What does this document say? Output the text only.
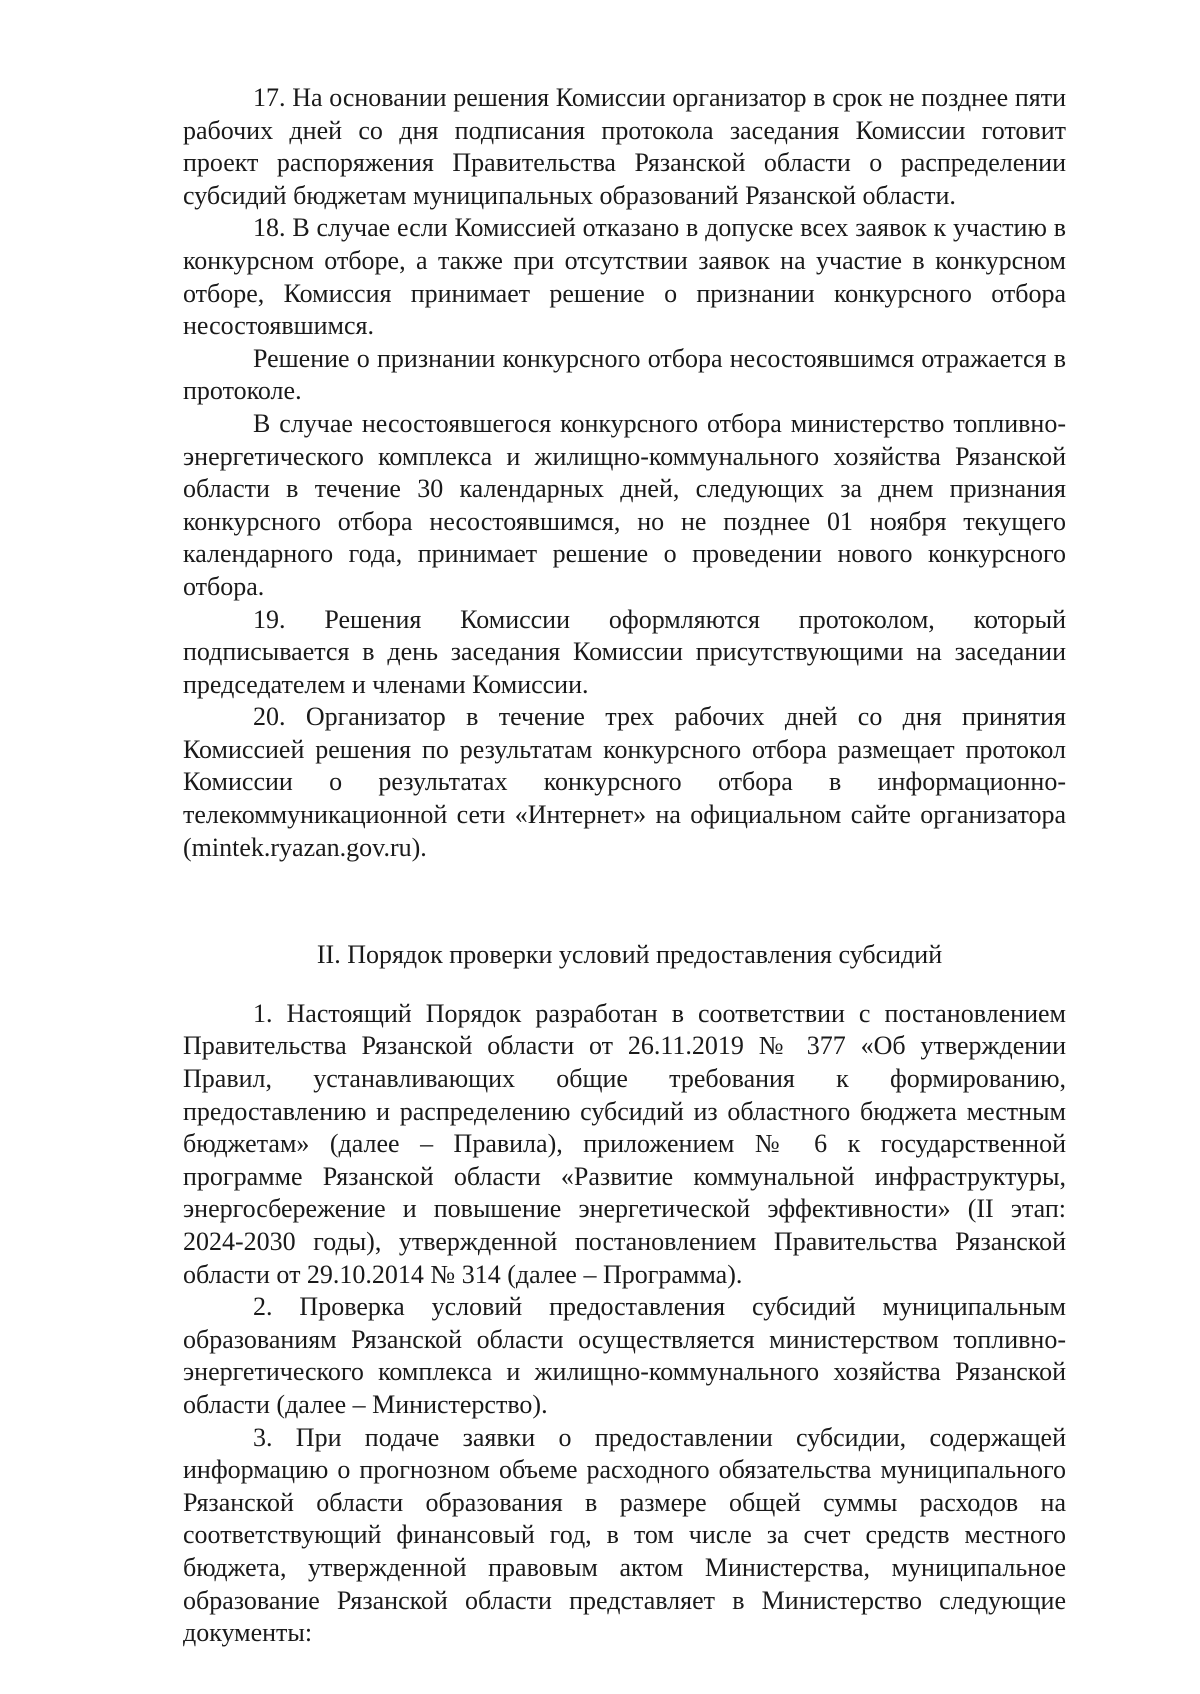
17. На основании решения Комиссии организатор в срок не позднее пяти рабочих дней со дня подписания протокола заседания Комиссии готовит проект распоряжения Правительства Рязанской области о распределении субсидий бюджетам муниципальных образований Рязанской области.

18. В случае если Комиссией отказано в допуске всех заявок к участию в конкурсном отборе, а также при отсутствии заявок на участие в конкурсном отборе, Комиссия принимает решение о признании конкурсного отбора несостоявшимся.

Решение о признании конкурсного отбора несостоявшимся отражается в протоколе.

В случае несостоявшегося конкурсного отбора министерство топливно-энергетического комплекса и жилищно-коммунального хозяйства Рязанской области в течение 30 календарных дней, следующих за днем признания конкурсного отбора несостоявшимся, но не позднее 01 ноября текущего календарного года, принимает решение о проведении нового конкурсного отбора.

19. Решения Комиссии оформляются протоколом, который подписывается в день заседания Комиссии присутствующими на заседании председателем и членами Комиссии.

20. Организатор в течение трех рабочих дней со дня принятия Комиссией решения по результатам конкурсного отбора размещает протокол Комиссии о результатах конкурсного отбора в информационно-телекоммуникационной сети «Интернет» на официальном сайте организатора (mintek.ryazan.gov.ru).

II. Порядок проверки условий предоставления субсидий

1. Настоящий Порядок разработан в соответствии с постановлением Правительства Рязанской области от 26.11.2019 № 377 «Об утверждении Правил, устанавливающих общие требования к формированию, предоставлению и распределению субсидий из областного бюджета местным бюджетам» (далее – Правила), приложением № 6 к государственной программе Рязанской области «Развитие коммунальной инфраструктуры, энергосбережение и повышение энергетической эффективности» (II этап: 2024-2030 годы), утвержденной постановлением Правительства Рязанской области от 29.10.2014 № 314 (далее – Программа).

2. Проверка условий предоставления субсидий муниципальным образованиям Рязанской области осуществляется министерством топливно-энергетического комплекса и жилищно-коммунального хозяйства Рязанской области (далее – Министерство).

3. При подаче заявки о предоставлении субсидии, содержащей информацию о прогнозном объеме расходного обязательства муниципального Рязанской области образования в размере общей суммы расходов на соответствующий финансовый год, в том числе за счет средств местного бюджета, утвержденной правовым актом Министерства, муниципальное образование Рязанской области представляет в Министерство следующие документы:
